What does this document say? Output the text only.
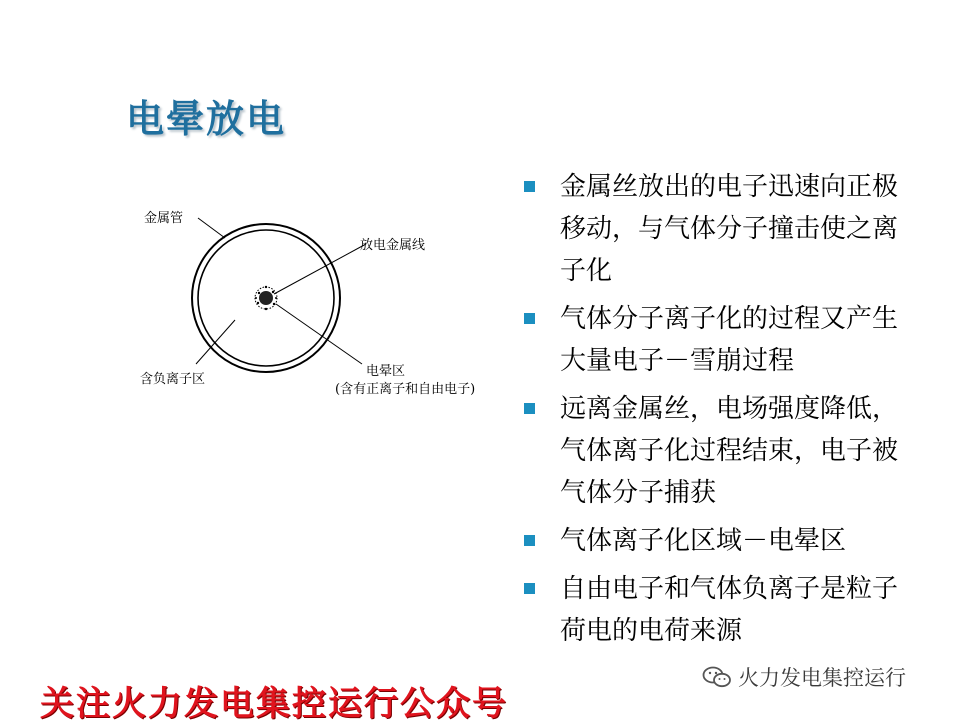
电晕放电
金属管
放电金属线
含负离子区
电晕区
(含有正离子和自由电子)
金属丝放出的电子迅速向正极移动，与气体分子撞击使之离子化
气体分子离子化的过程又产生大量电子－雪崩过程
远离金属丝，电场强度降低，气体离子化过程结束，电子被气体分子捕获
气体离子化区域－电晕区
自由电子和气体负离子是粒子荷电的电荷来源
火力发电集控运行
关注火力发电集控运行公众号
